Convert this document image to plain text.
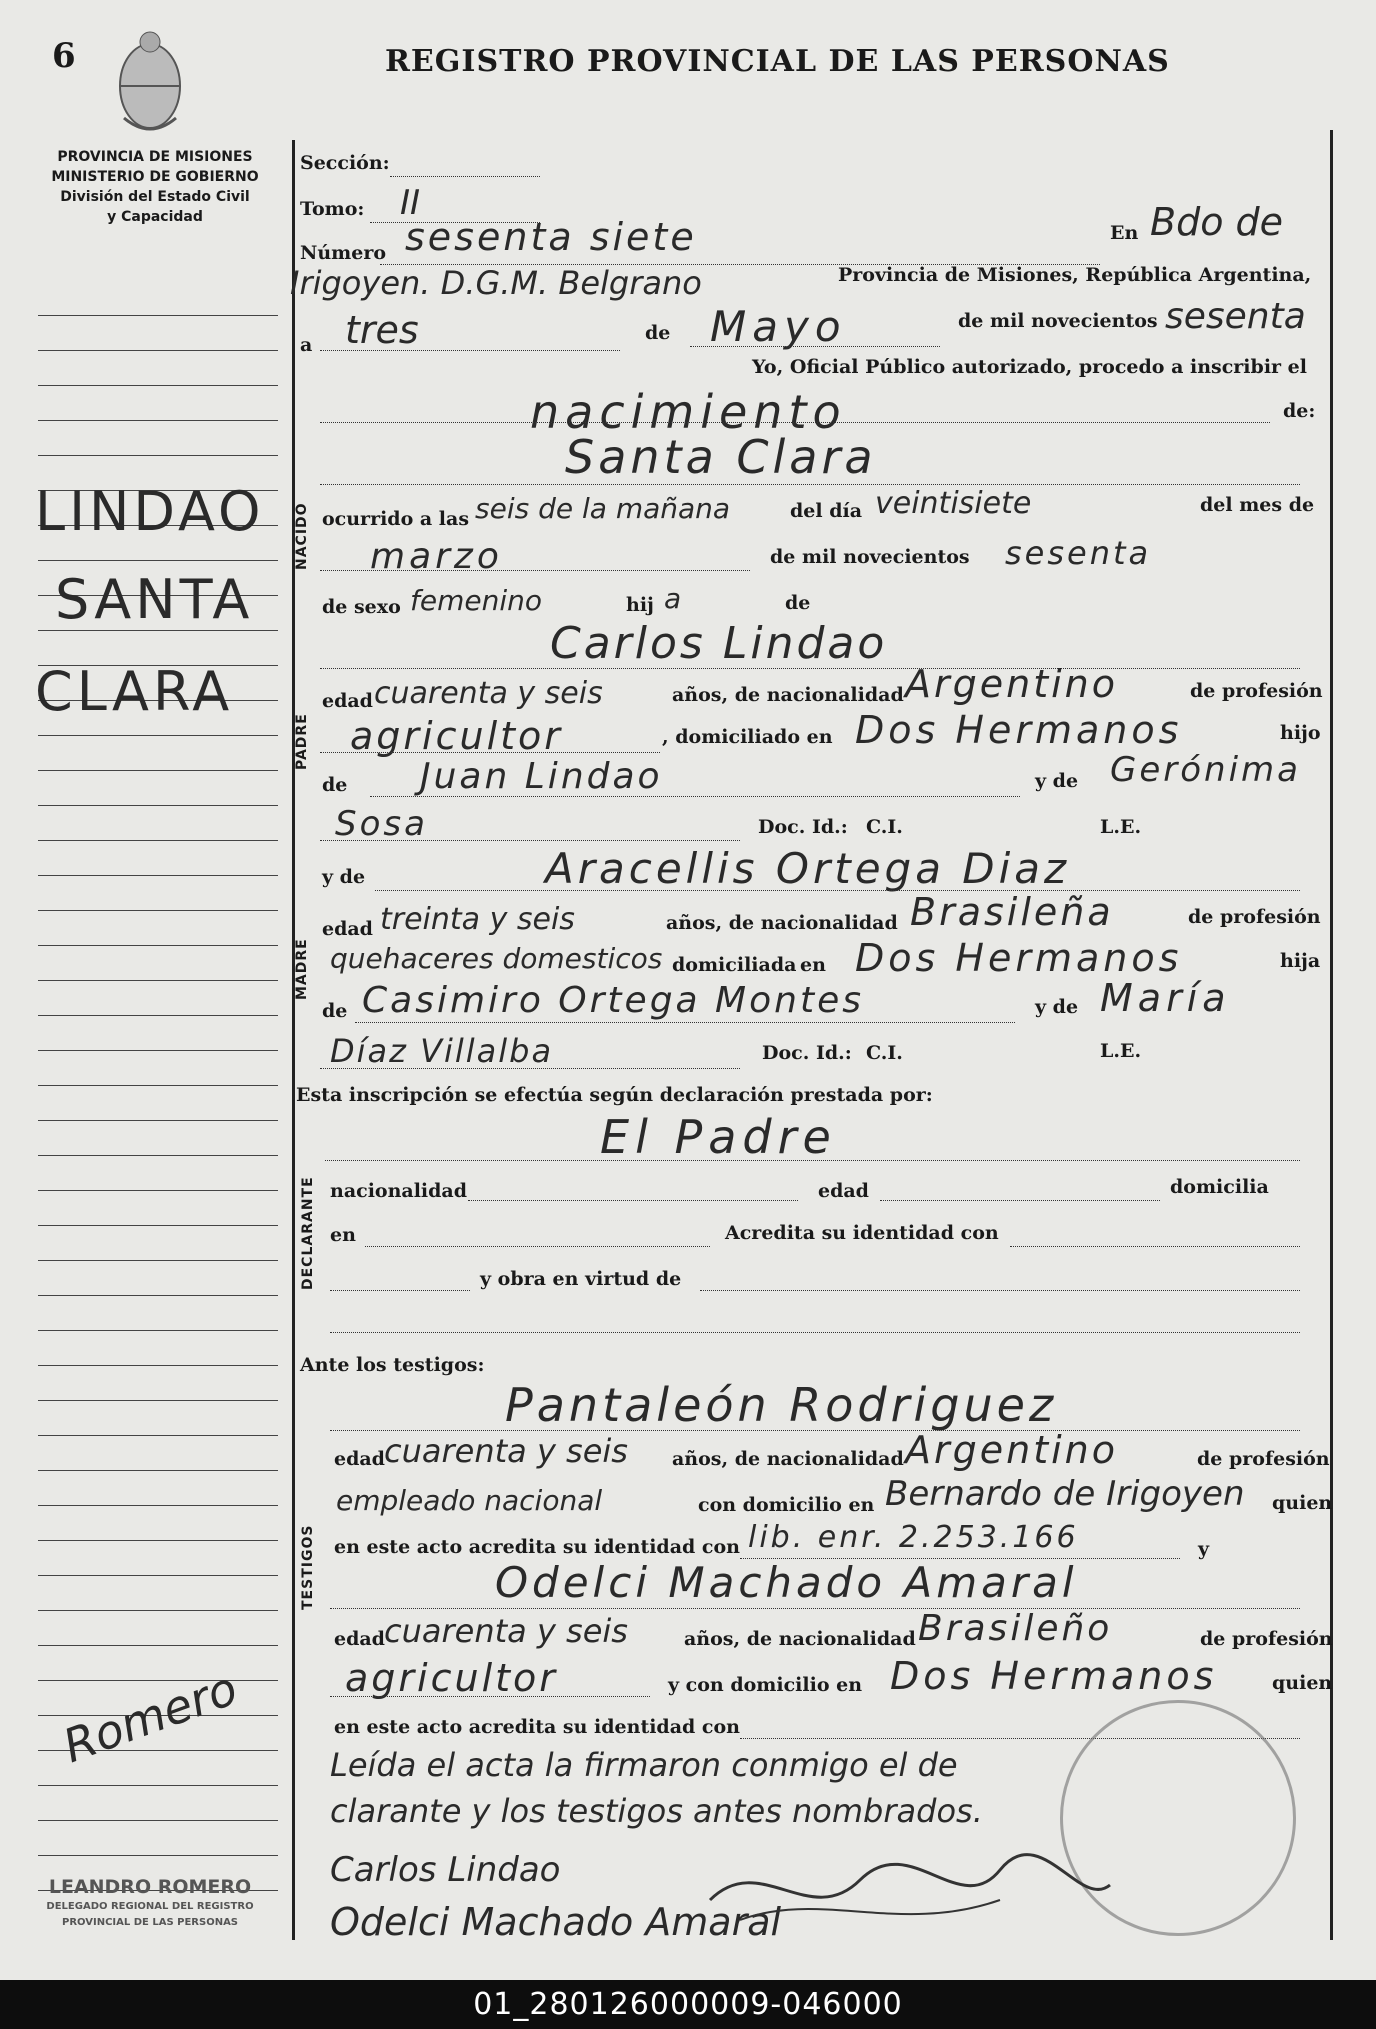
6	REGISTRO PROVINCIAL DE LAS PERSONAS
PROVINCIA DE MISIONES
MINISTERIO DE GOBIERNO
División del Estado Civil
y Capacidad
LINDAO
SANTA
CLARA
Sección:
Tomo: II
Número sesenta siete	En Bdo de
Irigoyen. D.G.M. Belgrano	Provincia de Misiones, República Argentina,
a tres	de Mayo	de mil novecientos sesenta
Yo, Oficial Público autorizado, procedo a inscribir el
nacimiento	de:
NACIDO
Santa Clara
ocurrido a las seis de la mañana	del día veintisiete	del mes de
marzo	de mil novecientos sesenta
de sexo femenino	hij a	de
PADRE
Carlos Lindao
edad cuarenta y seis	años, de nacionalidad Argentino	de profesión
agricultor	, domiciliado en Dos Hermanos	hijo
de Juan Lindao	y de Gerónima
Sosa	Doc. Id.: C.I.	L.E.
MADRE
y de	Aracellis Ortega Diaz
edad treinta y seis	años, de nacionalidad Brasileña	de profesión
quehaceres domesticos domiciliada en Dos Hermanos	hija
de Casimiro Ortega Montes	y de María
Díaz Villalba	Doc. Id.: C.I.	L.E.
Esta inscripción se efectúa según declaración prestada por:
El Padre
DECLARANTE nacionalidad	edad	domicilia
en	Acredita su identidad con
y obra en virtud de
Ante los testigos:
Pantaleón Rodriguez
TESTIGOS
edad cuarenta y seis años, de nacionalidad Argentino	de profesión
empleado nacional	con domicilio en Bernardo de Irigoyen quien
en este acto acredita su identidad con lib. enr. 2.253.166	y
Odelci Machado Amaral
edad cuarenta y seis	años, de nacionalidad Brasileño	de profesión
agricultor	y con domicilio en Dos Hermanos	quien
en este acto acredita su identidad con
Leída el acta la firmaron conmigo el de
clarante y los testigos antes nombrados.
Carlos Lindao
Odelci Machado Amaral
Romero
LEANDRO ROMERO
DELEGADO REGIONAL DEL REGISTRO
PROVINCIAL DE LAS PERSONAS
01_280126000009-046000
